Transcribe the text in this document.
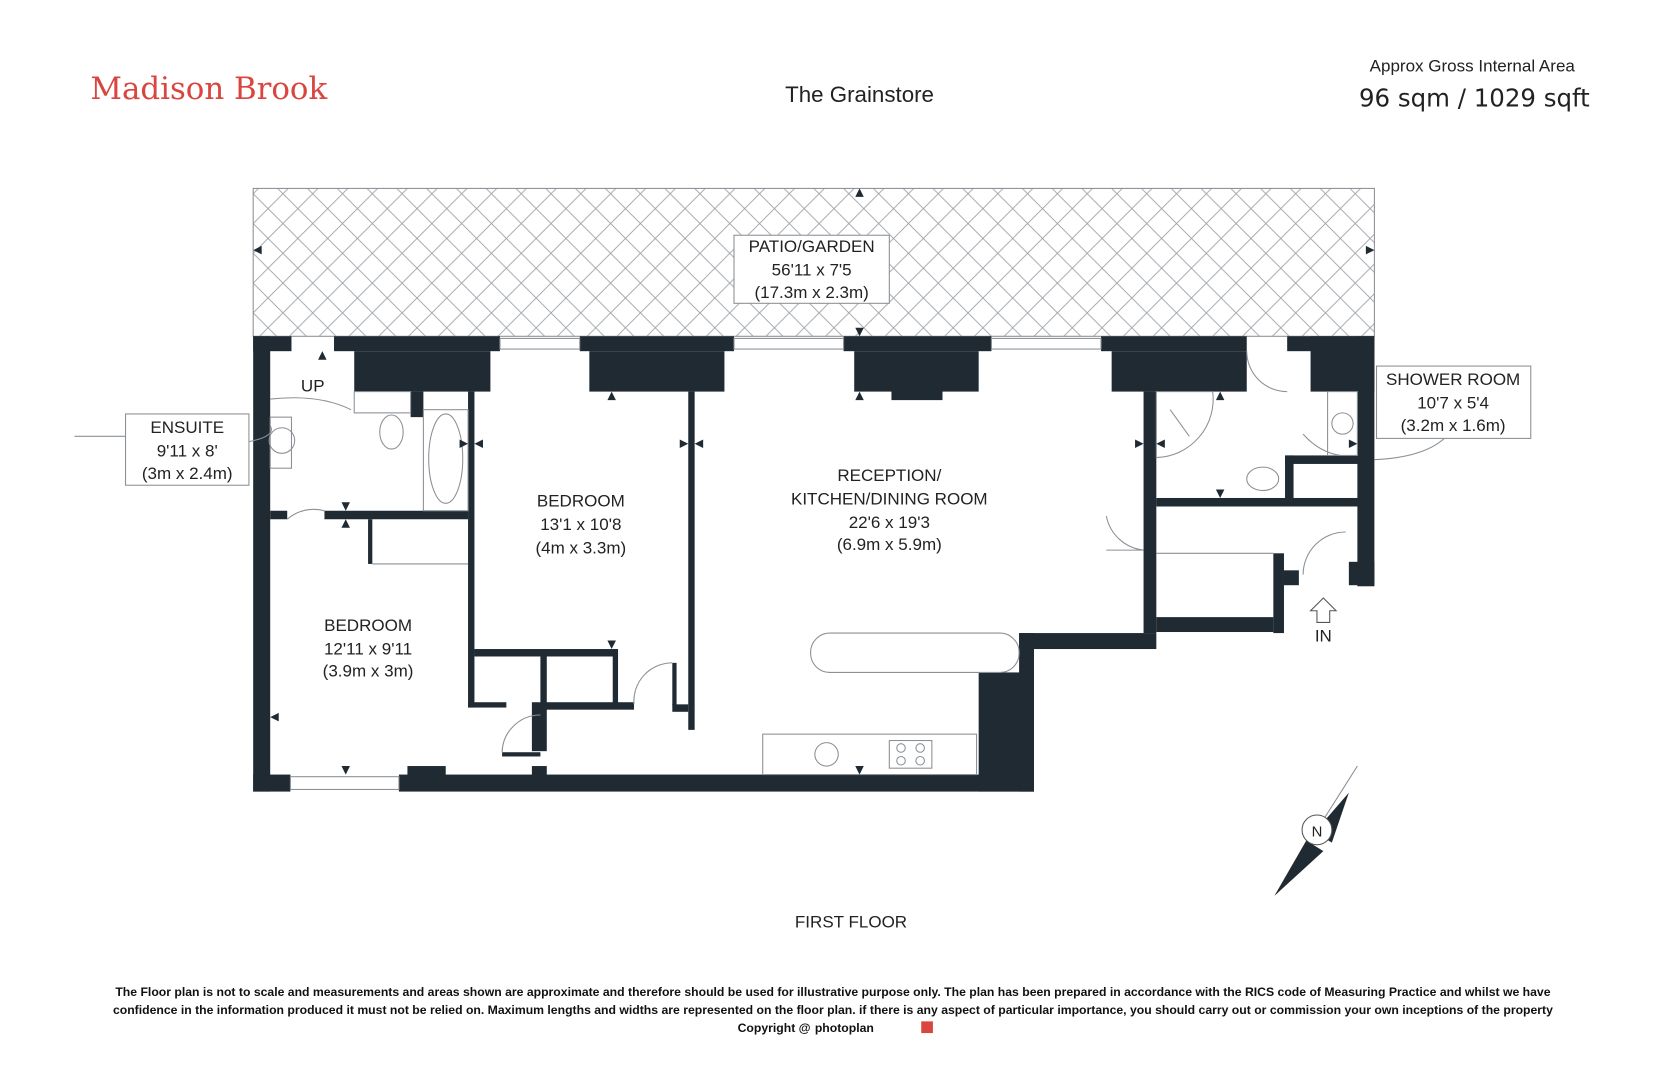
Madison Brook	The Grainstore
Approx Gross Internal Area
96 sqm / 1029 sqft
PATIO/GARDEN
56'11 x 7'5
(17.3m x 2.3m)
ENSUITE
9'11 x 8'
(3m x 2.4m)
BEDROOM
13'1 x 10'8
(4m x 3.3m)
RECEPTION/
KITCHEN/DINING ROOM
22'6 x 19'3
(6.9m x 5.9m)
BEDROOM
12'11 x 9'11
(3.9m x 3m)
SHOWER ROOM
10'7 x 5'4
(3.2m x 1.6m)
UP
IN
N
FIRST FLOOR
The Floor plan is not to scale and measurements and areas shown are approximate and therefore should be used for illustrative purpose only. The plan has been prepared in accordance with the RICS code of Measuring Practice and whilst we have
confidence in the information produced it must not be relied on. Maximum lengths and widths are represented on the floor plan. if there is any aspect of particular importance, you should carry out or commission your own inceptions of the property
Copyright @ photoplan
